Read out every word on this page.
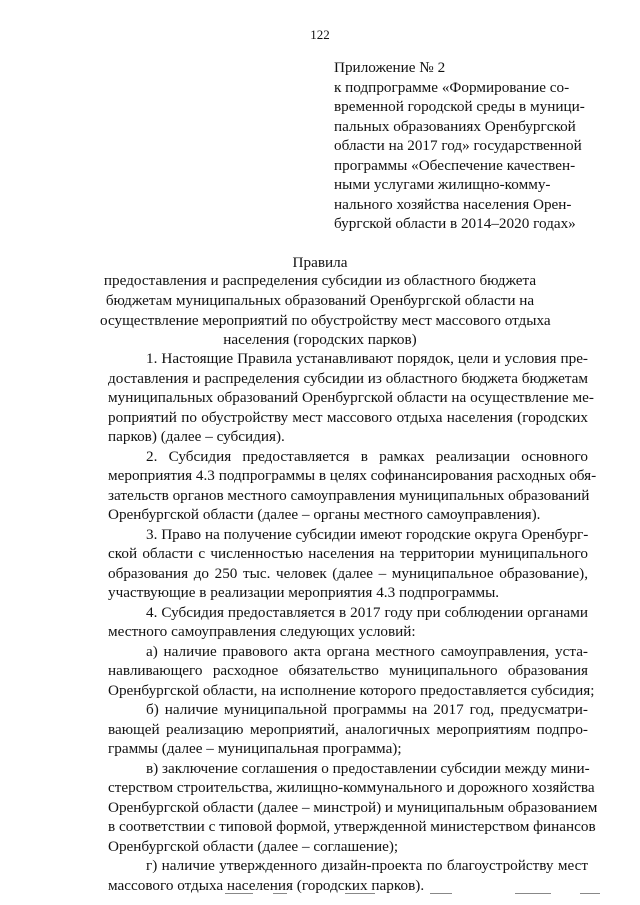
122
Приложение № 2
к подпрограмме «Формирование со-
временной городской среды в муници-
пальных образованиях Оренбургской
области на 2017 год» государственной
программы «Обеспечение качествен-
ными услугами жилищно-комму-
нального хозяйства населения Орен-
бургской области в 2014–2020 годах»
Правила
предоставления и распределения субсидии из областного бюджета
бюджетам муниципальных образований Оренбургской области на
осуществление мероприятий по обустройству мест массового отдыха
населения (городских парков)
1. Настоящие Правила устанавливают порядок, цели и условия пре-
доставления и распределения субсидии из областного бюджета бюджетам
муниципальных образований Оренбургской области на осуществление ме-
роприятий по обустройству мест массового отдыха населения (городских
парков) (далее – субсидия).
2. Субсидия предоставляется в рамках реализации основного
мероприятия 4.3 подпрограммы в целях софинансирования расходных обя-
зательств органов местного самоуправления муниципальных образований
Оренбургской области (далее – органы местного самоуправления).
3. Право на получение субсидии имеют городские округа Оренбург-
ской области с численностью населения на территории муниципального
образования до 250 тыс. человек (далее – муниципальное образование),
участвующие в реализации мероприятия 4.3 подпрограммы.
4. Субсидия предоставляется в 2017 году при соблюдении органами
местного самоуправления следующих условий:
а) наличие правового акта органа местного самоуправления, уста-
навливающего расходное обязательство муниципального образования
Оренбургской области, на исполнение которого предоставляется субсидия;
б) наличие муниципальной программы на 2017 год, предусматри-
вающей реализацию мероприятий, аналогичных мероприятиям подпро-
граммы (далее – муниципальная программа);
в) заключение соглашения о предоставлении субсидии между мини-
стерством строительства, жилищно-коммунального и дорожного хозяйства
Оренбургской области (далее – минстрой) и муниципальным образованием
в соответствии с типовой формой, утвержденной министерством финансов
Оренбургской области (далее – соглашение);
г) наличие утвержденного дизайн-проекта по благоустройству мест
массового отдыха населения (городских парков).
